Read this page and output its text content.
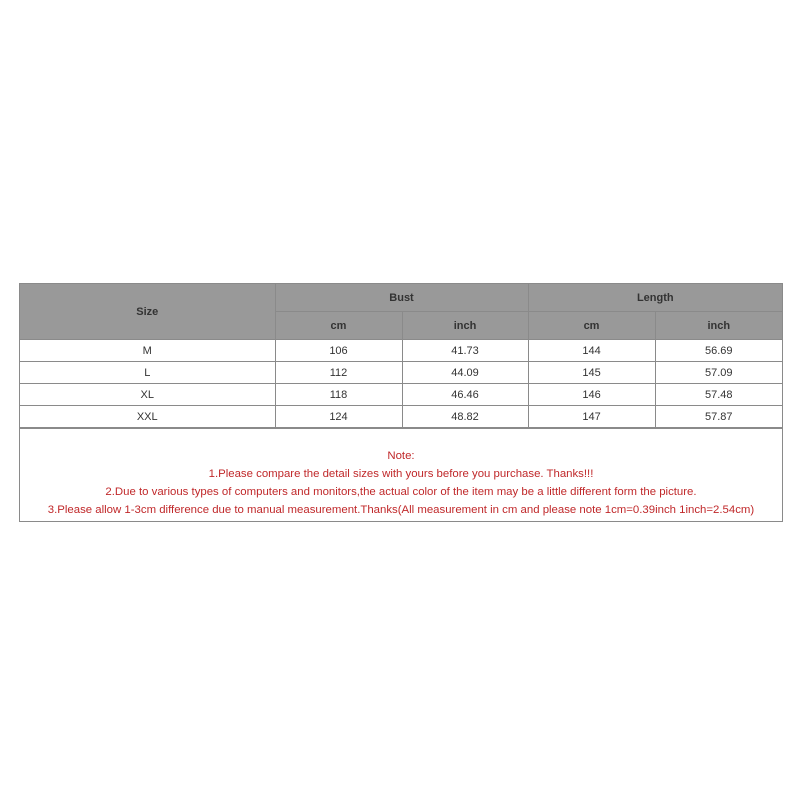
Size	Bust		Length	
	cm	inch	cm	inch
M	106	41.73	144	56.69
L	112	44.09	145	57.09
XL	118	46.46	146	57.48
XXL	124	48.82	147	57.87
Note:
1.Please compare the detail sizes with yours before you purchase. Thanks!!!
2.Due to various types of computers and monitors,the actual color of the item may be a little different form the picture.
3.Please allow 1-3cm difference due to manual measurement.Thanks(All measurement in cm and please note 1cm=0.39inch 1inch=2.54cm)
